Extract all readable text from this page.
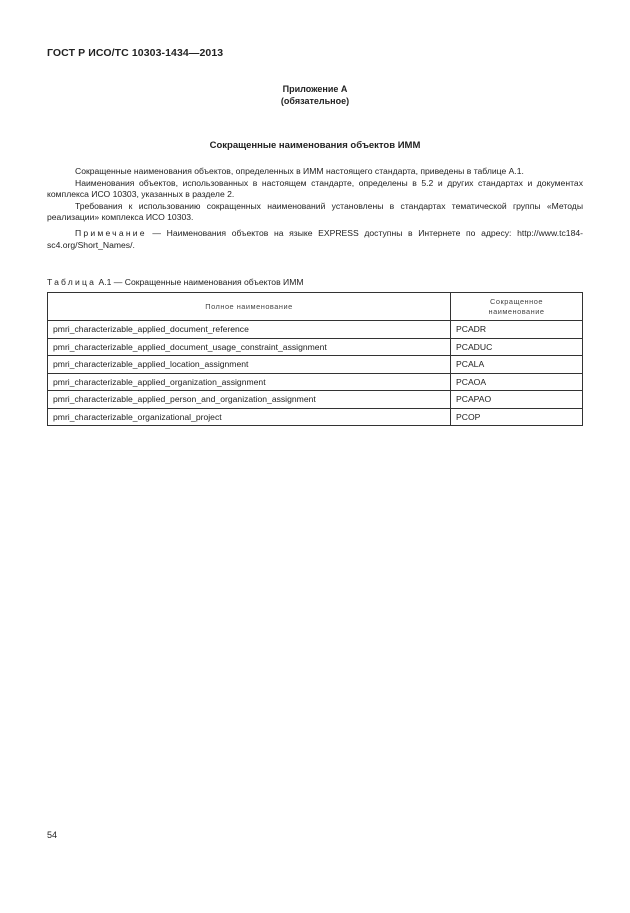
ГОСТ Р ИСО/ТС 10303-1434—2013
Приложение А
(обязательное)
Сокращенные наименования объектов ИММ

Сокращенные наименования объектов, определенных в ИММ настоящего стандарта, приведены в таблице А.1.

Наименования объектов, использованных в настоящем стандарте, определены в 5.2 и других стандартах и документах комплекса ИСО 10303, указанных в разделе 2.

Требования к использованию сокращенных наименований установлены в стандартах тематической группы «Методы реализации» комплекса ИСО 10303.

Примечание — Наименования объектов на языке EXPRESS доступны в Интернете по адресу: http://www.tc184-sc4.org/Short_Names/.

Таблица А.1 — Сокращенные наименования объектов ИММ
Полное наименование	Сокращенное
наименование
pmri_characterizable_applied_document_reference	PCADR
pmri_characterizable_applied_document_usage_constraint_assignment	PCADUC
pmri_characterizable_applied_location_assignment	PCALA
pmri_characterizable_applied_organization_assignment	PCAOA
pmri_characterizable_applied_person_and_organization_assignment	PCAPAO
pmri_characterizable_organizational_project	PCOP
54
